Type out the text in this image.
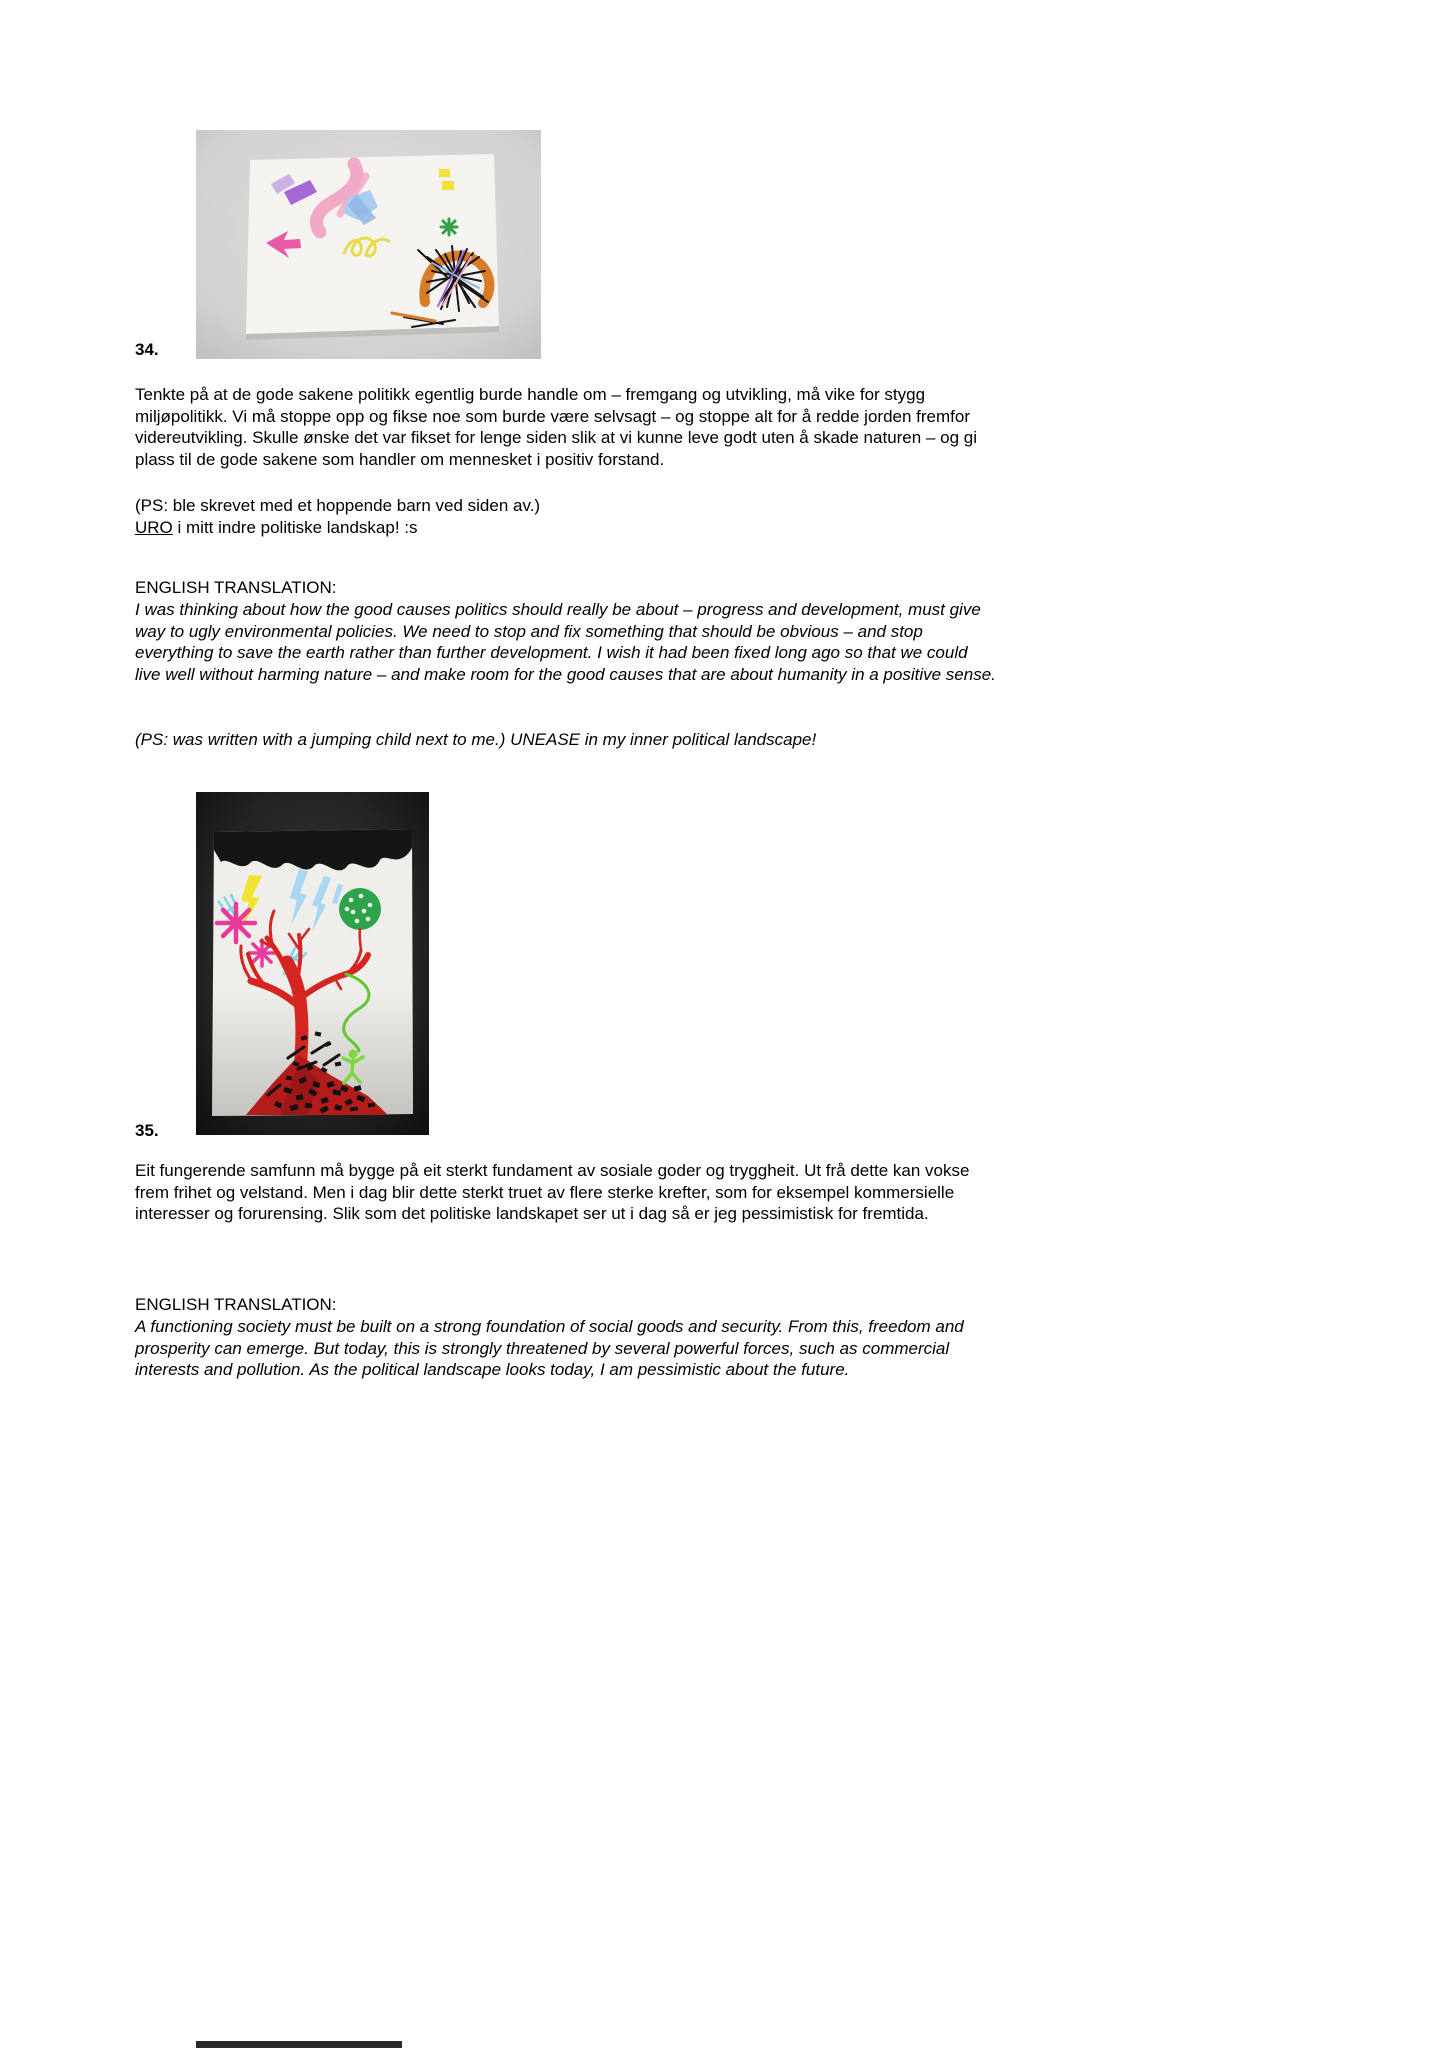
34.

Tenkte på at de gode sakene politikk egentlig burde handle om – fremgang og utvikling, må vike for stygg miljøpolitikk. Vi må stoppe opp og fikse noe som burde være selvsagt – og stoppe alt for å redde jorden fremfor videreutvikling. Skulle ønske det var fikset for lenge siden slik at vi kunne leve godt uten å skade naturen – og gi plass til de gode sakene som handler om mennesket i positiv forstand.

(PS: ble skrevet med et hoppende barn ved siden av.)

URO i mitt indre politiske landskap! :s

ENGLISH TRANSLATION:

I was thinking about how the good causes politics should really be about – progress and development, must give way to ugly environmental policies. We need to stop and fix something that should be obvious – and stop everything to save the earth rather than further development. I wish it had been fixed long ago so that we could live well without harming nature – and make room for the good causes that are about humanity in a positive sense.

(PS: was written with a jumping child next to me.) UNEASE in my inner political landscape!

35.

Eit fungerende samfunn må bygge på eit sterkt fundament av sosiale goder og tryggheit. Ut frå dette kan vokse frem frihet og velstand. Men i dag blir dette sterkt truet av flere sterke krefter, som for eksempel kommersielle interesser og forurensing. Slik som det politiske landskapet ser ut i dag så er jeg pessimistisk for fremtida.

ENGLISH TRANSLATION:

A functioning society must be built on a strong foundation of social goods and security. From this, freedom and prosperity can emerge. But today, this is strongly threatened by several powerful forces, such as commercial interests and pollution. As the political landscape looks today, I am pessimistic about the future.
